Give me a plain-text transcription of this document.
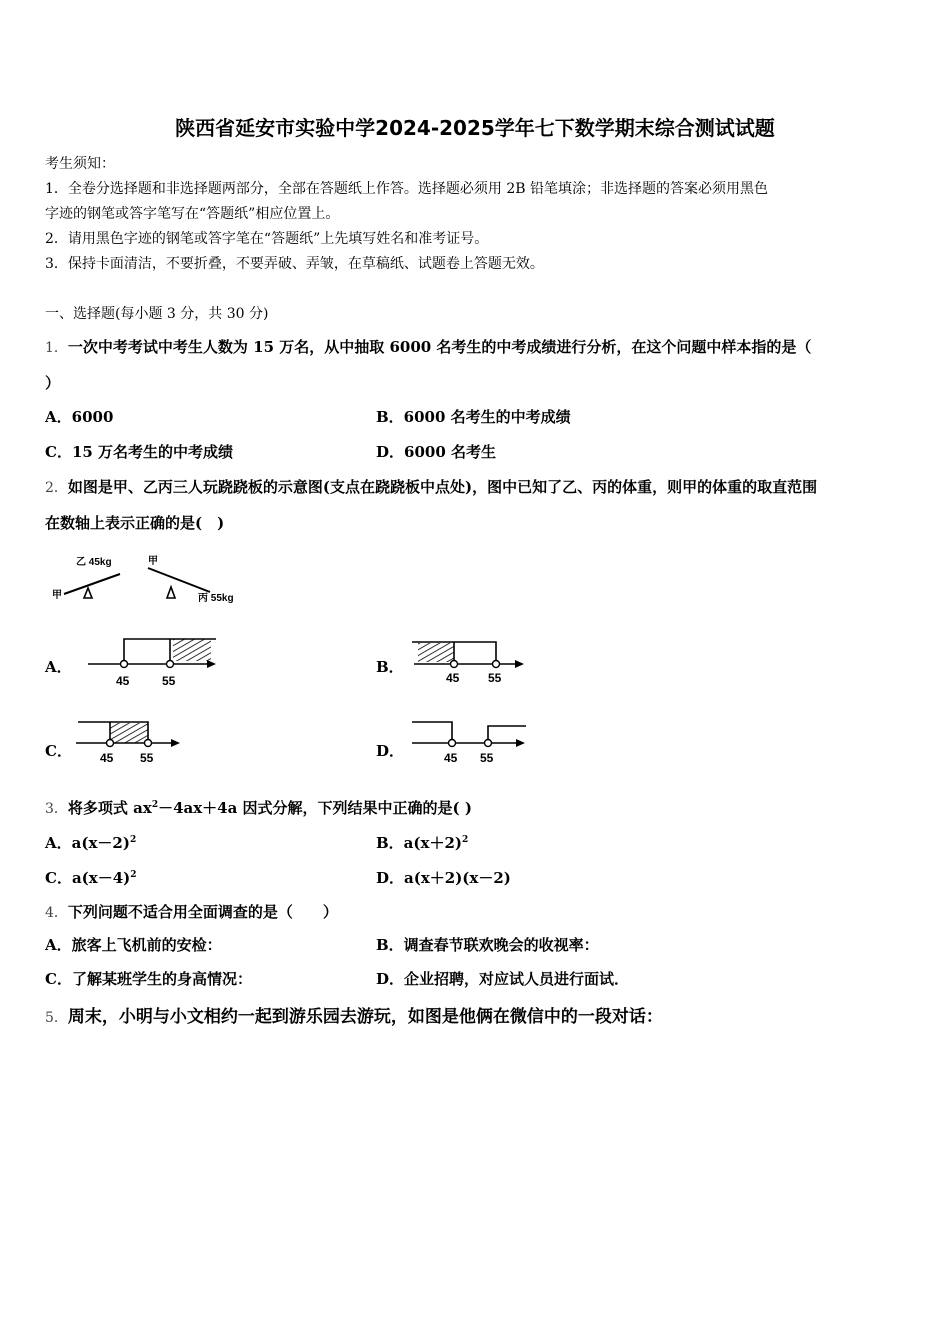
陕西省延安市实验中学2024-2025学年七下数学期末综合测试试题
考生须知：
1．全卷分选择题和非选择题两部分，全部在答题纸上作答。选择题必须用 2B 铅笔填涂；非选择题的答案必须用黑色
字迹的钢笔或答字笔写在“答题纸”相应位置上。
2．请用黑色字迹的钢笔或答字笔在“答题纸”上先填写姓名和准考证号。
3．保持卡面清洁，不要折叠，不要弄破、弄皱，在草稿纸、试题卷上答题无效。
一、选择题(每小题 3 分，共 30 分)
1．一次中考考试中考生人数为 15 万名，从中抽取 6000 名考生的中考成绩进行分析，在这个问题中样本指的是（
）
A．6000	B．6000 名考生的中考成绩
C．15 万名考生的中考成绩	D．6000 名考生
2．如图是甲、乙丙三人玩跷跷板的示意图(支点在跷跷板中点处)，图中已知了乙、丙的体重，则甲的体重的取直范围
在数轴上表示正确的是(　)
甲
乙 45kg	甲
丙 55kg
A．
45	55
B．
45 55
C． 45 55	D．	45 55
3．将多项式 $ax^2-4ax+4a$ 因式分解，下列结果中正确的是( )
A．$a(x-2)^2$	B．$a(x+2)^2$
C．$a(x-4)^2$	D．a(x＋2)(x－2)
4．下列问题不适合用全面调查的是（　　）
A．旅客上飞机前的安检：	B．调查春节联欢晚会的收视率：
C．了解某班学生的身高情况：	D．企业招聘，对应试人员进行面试．
5．周末，小明与小文相约一起到游乐园去游玩，如图是他俩在微信中的一段对话：
